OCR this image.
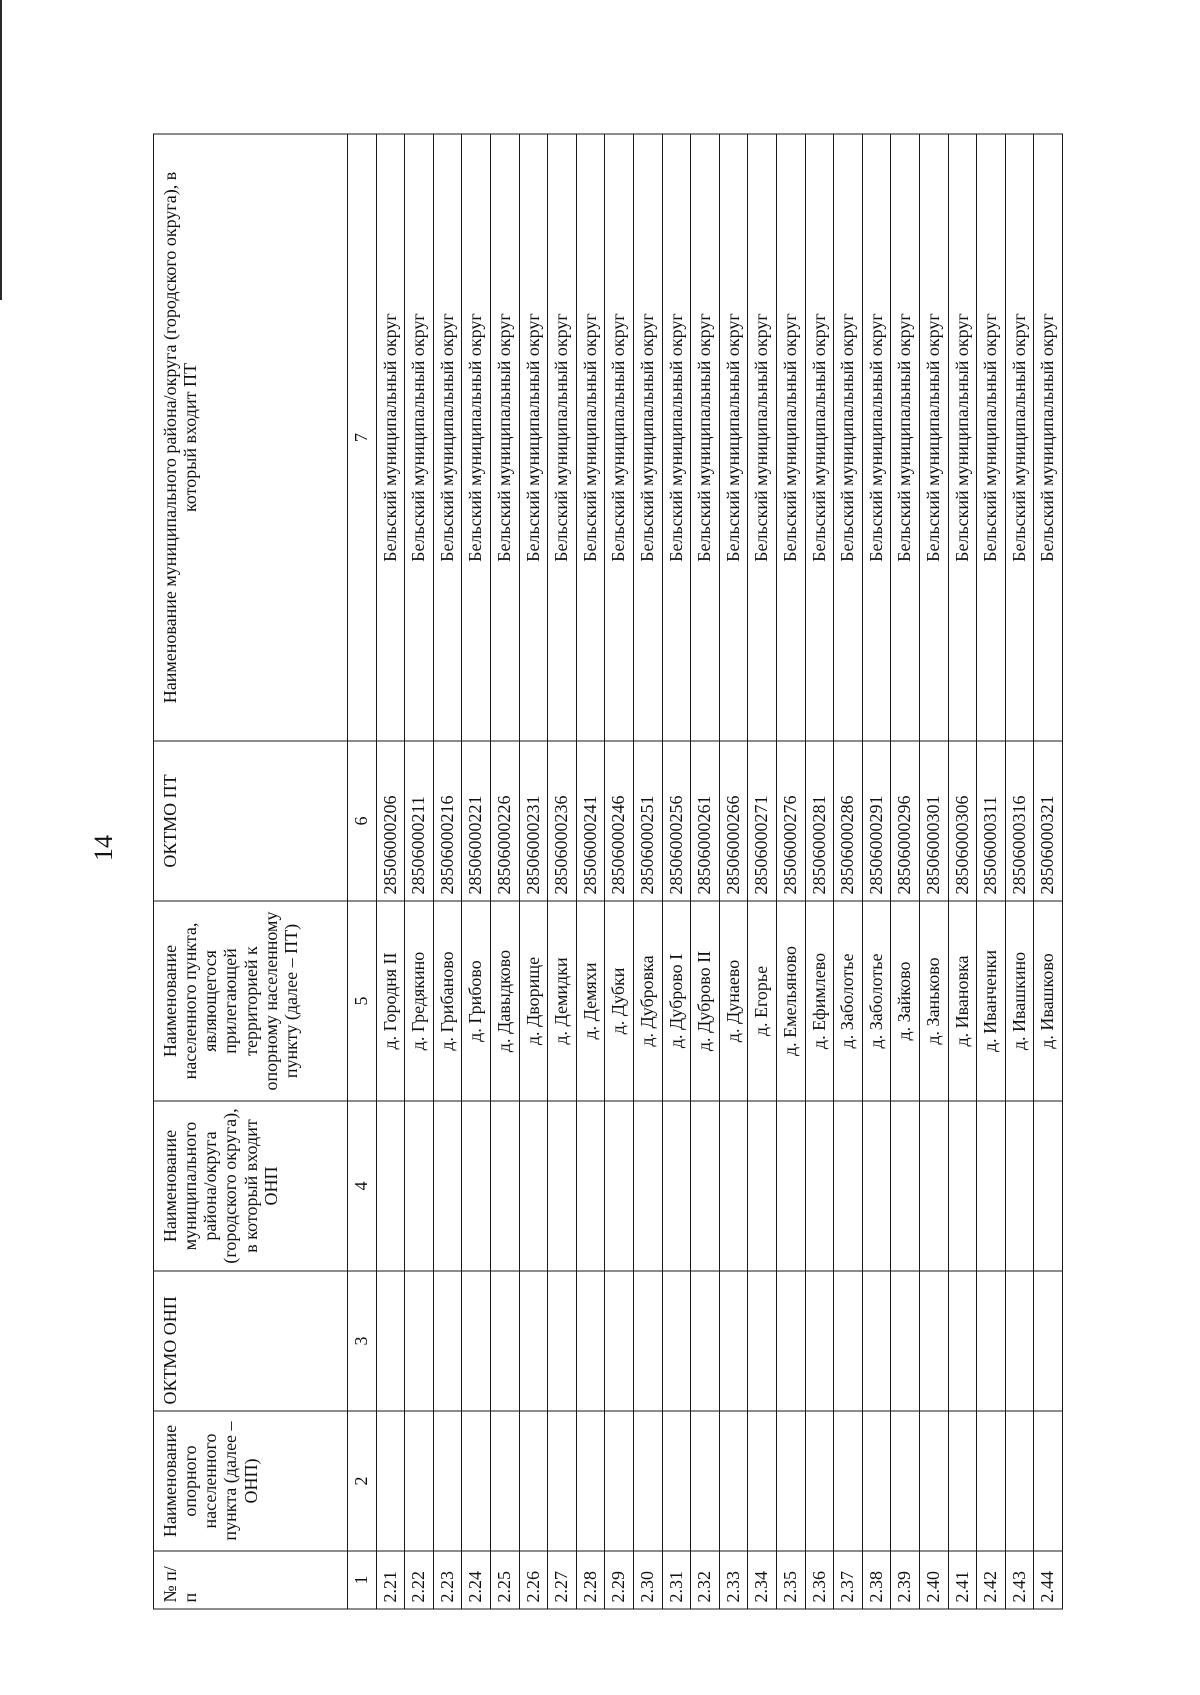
14
№ п/п	Наименование опорного населенного пункта (далее – ОНП)	ОКТМО ОНП	Наименование муниципального района/округа (городского округа), в который входит ОНП	Наименование населенного пункта, являющегося прилегающей территорией к опорному населенному пункту (далее – ПТ)	ОКТМО ПТ	Наименование муниципального района/округа (городского округа), в который входит ПТ
1	2	3	4	5	6	7
2.21				д. Городня II	28506000206	Бельский муниципальный округ
2.22				д. Гредякино	28506000211	Бельский муниципальный округ
2.23				д. Грибаново	28506000216	Бельский муниципальный округ
2.24				д. Грибово	28506000221	Бельский муниципальный округ
2.25				д. Давыдково	28506000226	Бельский муниципальный округ
2.26				д. Дворище	28506000231	Бельский муниципальный округ
2.27				д. Демидки	28506000236	Бельский муниципальный округ
2.28				д. Демяхи	28506000241	Бельский муниципальный округ
2.29				д. Дубки	28506000246	Бельский муниципальный округ
2.30				д. Дубровка	28506000251	Бельский муниципальный округ
2.31				д. Дуброво I	28506000256	Бельский муниципальный округ
2.32				д. Дуброво II	28506000261	Бельский муниципальный округ
2.33				д. Дунаево	28506000266	Бельский муниципальный округ
2.34				д. Егорье	28506000271	Бельский муниципальный округ
2.35				д. Емельяново	28506000276	Бельский муниципальный округ
2.36				д. Ефимлево	28506000281	Бельский муниципальный округ
2.37				д. Заболотье	28506000286	Бельский муниципальный округ
2.38				д. Заболотье	28506000291	Бельский муниципальный округ
2.39				д. Зайково	28506000296	Бельский муниципальный округ
2.40				д. Заньково	28506000301	Бельский муниципальный округ
2.41				д. Ивановка	28506000306	Бельский муниципальный округ
2.42				д. Иванченки	28506000311	Бельский муниципальный округ
2.43				д. Ивашкино	28506000316	Бельский муниципальный округ
2.44				д. Ивашково	28506000321	Бельский муниципальный округ
